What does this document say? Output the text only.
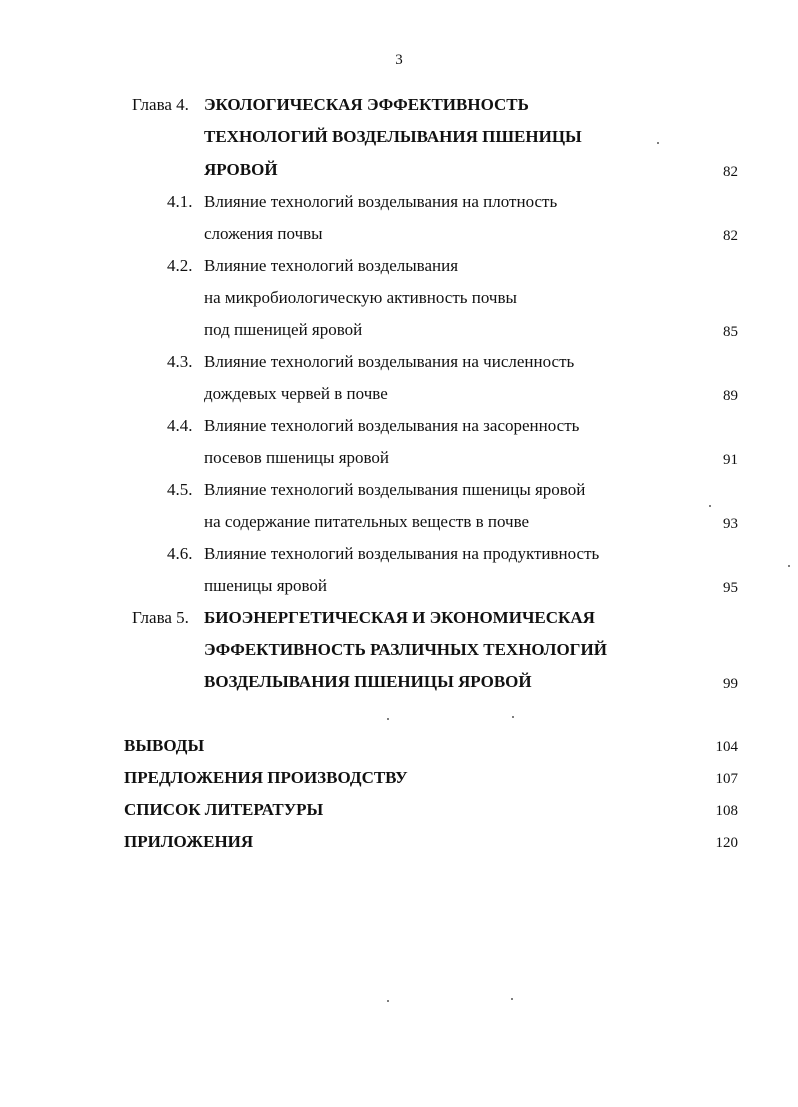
3
Глава 4. ЭКОЛОГИЧЕСКАЯ ЭФФЕКТИВНОСТЬ
ТЕХНОЛОГИЙ ВОЗДЕЛЫВАНИЯ ПШЕНИЦЫ
ЯРОВОЙ	82
4.1. Влияние технологий возделывания на плотность
сложения почвы	82
4.2. Влияние технологий возделывания
на микробиологическую активность почвы
под пшеницей яровой	85
4.3. Влияние технологий возделывания на численность
дождевых червей в почве	89
4.4. Влияние технологий возделывания на засоренность
посевов пшеницы яровой	91
4.5. Влияние технологий возделывания пшеницы яровой
на содержание питательных веществ в почве	93
4.6. Влияние технологий возделывания на продуктивность
пшеницы яровой	95
Глава 5. БИОЭНЕРГЕТИЧЕСКАЯ И ЭКОНОМИЧЕСКАЯ
ЭФФЕКТИВНОСТЬ РАЗЛИЧНЫХ ТЕХНОЛОГИЙ
ВОЗДЕЛЫВАНИЯ ПШЕНИЦЫ ЯРОВОЙ	99
ВЫВОДЫ	104
ПРЕДЛОЖЕНИЯ ПРОИЗВОДСТВУ	107
СПИСОК ЛИТЕРАТУРЫ	108
ПРИЛОЖЕНИЯ	120
